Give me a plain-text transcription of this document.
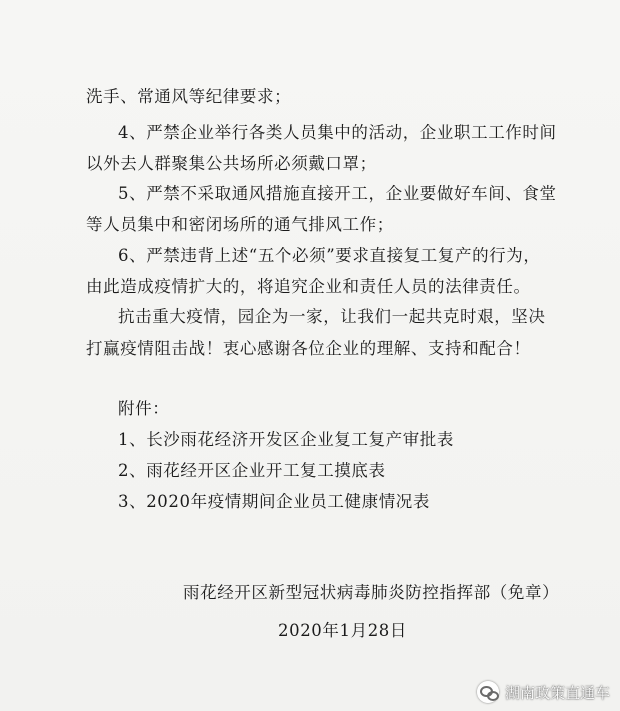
洗手、常通风等纪律要求；
4、严禁企业举行各类人员集中的活动，企业职工工作时间
以外去人群聚集公共场所必须戴口罩；
5、严禁不采取通风措施直接开工，企业要做好车间、食堂
等人员集中和密闭场所的通气排风工作；
6、严禁违背上述“五个必须”要求直接复工复产的行为，
由此造成疫情扩大的，将追究企业和责任人员的法律责任。
抗击重大疫情，园企为一家，让我们一起共克时艰，坚决
打赢疫情阻击战！衷心感谢各位企业的理解、支持和配合！
附件：
1、长沙雨花经济开发区企业复工复产审批表
2、雨花经开区企业开工复工摸底表
3、2020年疫情期间企业员工健康情况表
雨花经开区新型冠状病毒肺炎防控指挥部（免章）
2020年1月28日
湖南政策直通车
